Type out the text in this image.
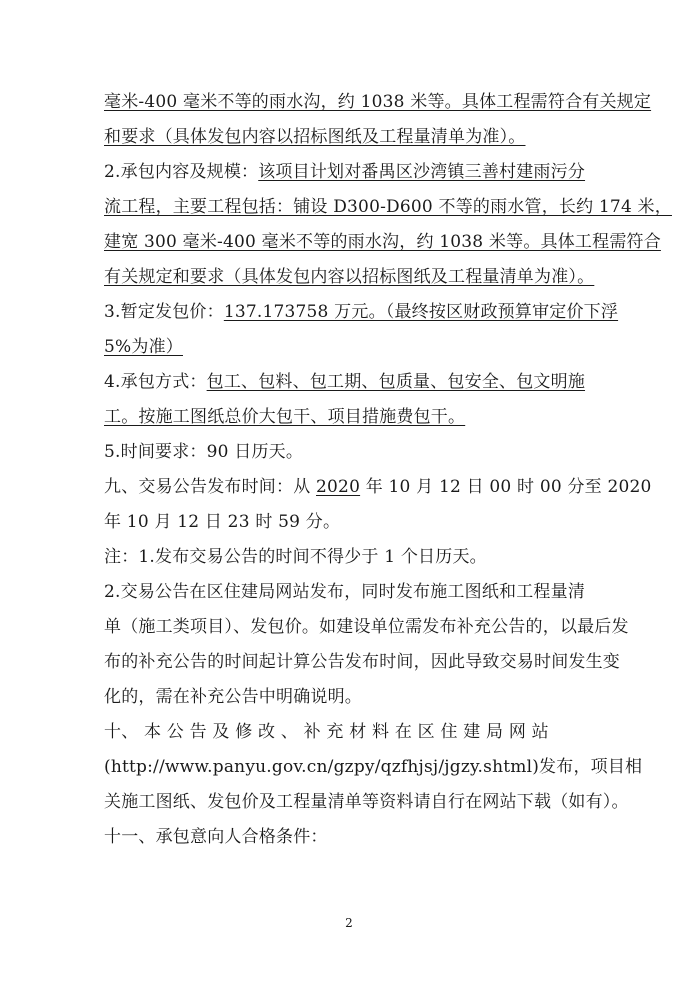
毫米-400 毫米不等的雨水沟，约 1038 米等。具体工程需符合有关规定
和要求（具体发包内容以招标图纸及工程量清单为准）。
2.承包内容及规模：该项目计划对番禺区沙湾镇三善村建雨污分
流工程，主要工程包括：铺设 D300-D600 不等的雨水管，长约 174 米，
建宽 300 毫米-400 毫米不等的雨水沟，约 1038 米等。具体工程需符合
有关规定和要求（具体发包内容以招标图纸及工程量清单为准）。
3.暂定发包价：137.173758 万元。（最终按区财政预算审定价下浮
5%为准）
4.承包方式：包工、包料、包工期、包质量、包安全、包文明施
工。按施工图纸总价大包干、项目措施费包干。
5.时间要求：90 日历天。
九、交易公告发布时间：从 2020 年 10 月 12 日 00 时 00 分至 2020
年 10 月 12 日 23 时 59 分。
注：1.发布交易公告的时间不得少于 1 个日历天。
2.交易公告在区住建局网站发布，同时发布施工图纸和工程量清
单（施工类项目）、发包价。如建设单位需发布补充公告的，以最后发
布的补充公告的时间起计算公告发布时间，因此导致交易时间发生变
化的，需在补充公告中明确说明。
十、 本 公 告 及 修 改 、 补 充 材 料 在 区 住 建 局 网 站
(http://www.panyu.gov.cn/gzpy/qzfhjsj/jgzy.shtml)发布，项目相
关施工图纸、发包价及工程量清单等资料请自行在网站下载（如有）。
十一、承包意向人合格条件：
2
